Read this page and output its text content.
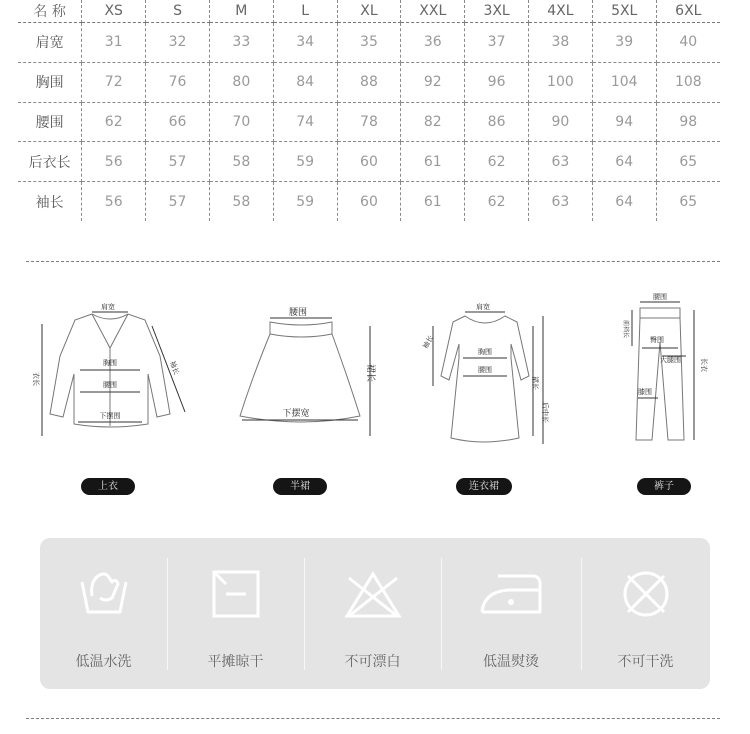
名 称	XS	S	M	L	XL	XXL	3XL	4XL	5XL	6XL
肩宽	31	32	33	34	35	36	37	38	39	40
胸围	72	76	80	84	88	92	96	100	104	108
腰围	62	66	70	74	78	82	86	90	94	98
后衣长	56	57	58	59	60	61	62	63	64	65
袖长	56	57	58	59	60	61	62	63	64	65
肩宽
胸围
腰围
下摆围
衣长
袖长
腰围
下摆宽
裙长
肩宽
胸围
腰围
袖长
裙长
后中长
腰围
臀围
大腿围
膝围
前裆长
长衣
上衣	半裙	连衣裙	裤子
低温水洗	平摊晾干	不可漂白	低温熨烫	不可干洗
